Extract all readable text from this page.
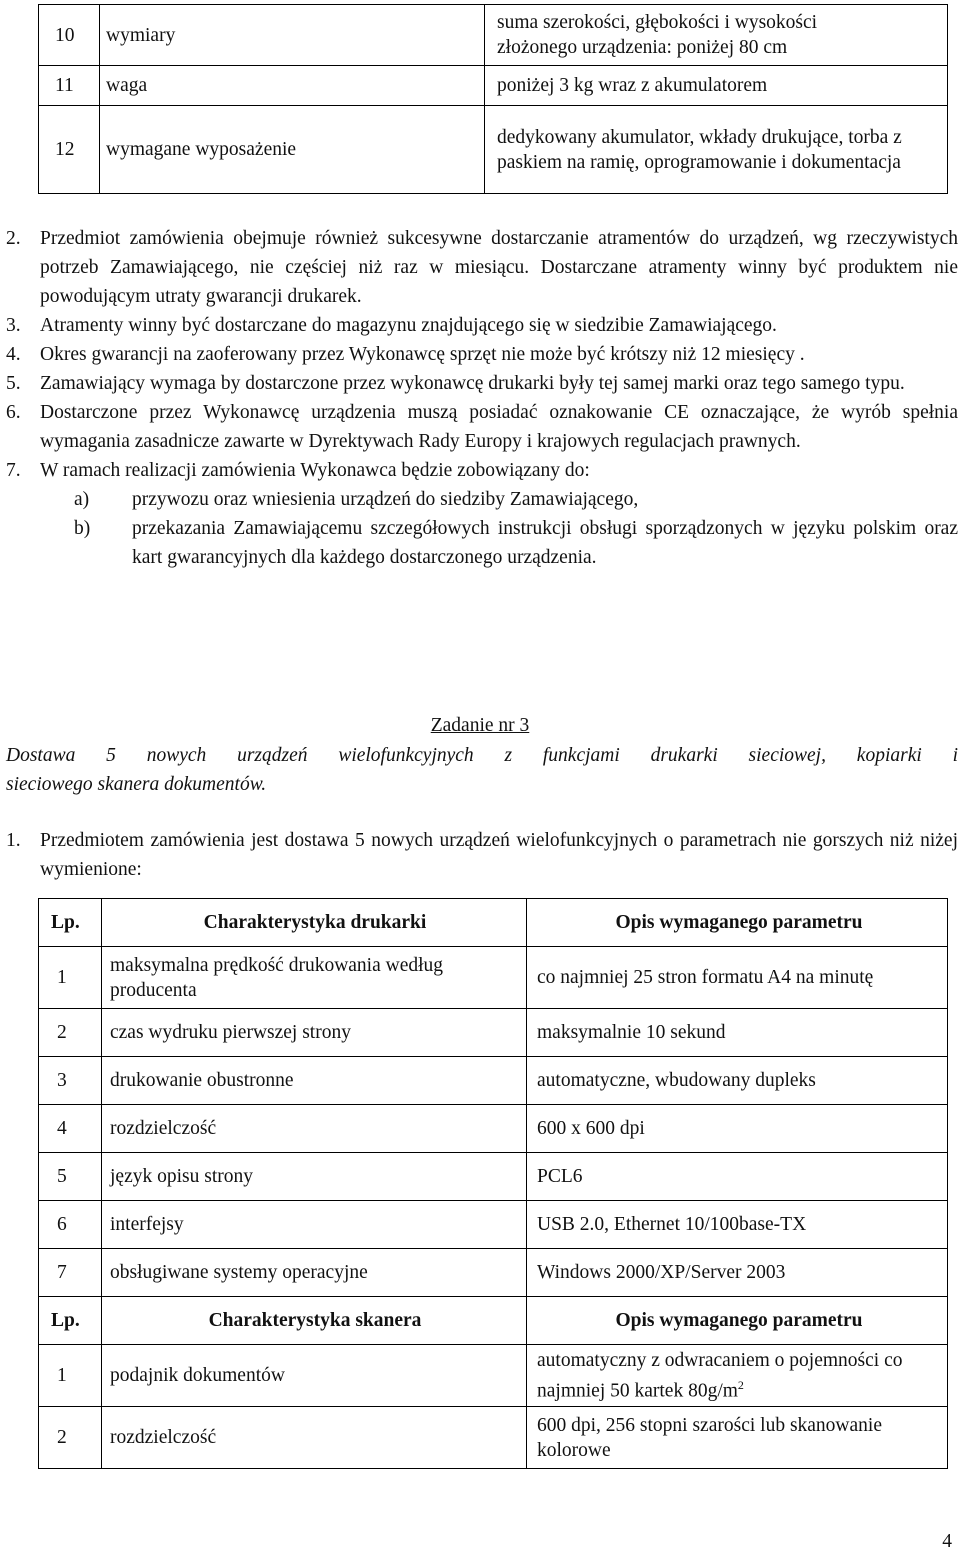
10	wymiary	suma szerokości, głębokości i wysokości złożonego urządzenia: poniżej 80 cm
11	waga	poniżej 3 kg wraz z akumulatorem
12	wymagane wyposażenie	dedykowany akumulator, wkłady drukujące, torba z paskiem na ramię, oprogramowanie i dokumentacja
2. Przedmiot zamówienia obejmuje również sukcesywne dostarczanie atramentów do urządzeń, wg rzeczywistych potrzeb Zamawiającego, nie częściej niż raz w miesiącu. Dostarczane atramenty winny być produktem nie powodującym utraty gwarancji drukarek.
3. Atramenty winny być dostarczane do magazynu znajdującego się w siedzibie Zamawiającego.
4. Okres gwarancji na zaoferowany przez Wykonawcę sprzęt nie może być krótszy niż 12 miesięcy .
5. Zamawiający wymaga by dostarczone przez wykonawcę drukarki były tej samej marki oraz tego samego typu.
6. Dostarczone przez Wykonawcę urządzenia muszą posiadać oznakowanie CE oznaczające, że wyrób spełnia wymagania zasadnicze zawarte w Dyrektywach Rady Europy i krajowych regulacjach prawnych.
7. W ramach realizacji zamówienia Wykonawca będzie zobowiązany do:
a) przywozu oraz wniesienia urządzeń do siedziby Zamawiającego,
b) przekazania Zamawiającemu szczegółowych instrukcji obsługi sporządzonych w języku polskim oraz kart gwarancyjnych dla każdego dostarczonego urządzenia.
Zadanie nr 3
Dostawa 5 nowych urządzeń wielofunkcyjnych z funkcjami drukarki sieciowej, kopiarki i
sieciowego skanera dokumentów.
1. Przedmiotem zamówienia jest dostawa 5 nowych urządzeń wielofunkcyjnych o parametrach nie gorszych niż niżej wymienione:
Lp.	Charakterystyka drukarki	Opis wymaganego parametru
1	maksymalna prędkość drukowania według producenta	co najmniej 25 stron formatu A4 na minutę
2	czas wydruku pierwszej strony	maksymalnie 10 sekund
3	drukowanie obustronne	automatyczne, wbudowany dupleks
4	rozdzielczość	600 x 600 dpi
5	język opisu strony	PCL6
6	interfejsy	USB 2.0, Ethernet 10/100base-TX
7	obsługiwane systemy operacyjne	Windows 2000/XP/Server 2003
Lp.	Charakterystyka skanera	Opis wymaganego parametru
1	podajnik dokumentów	automatyczny z odwracaniem o pojemności co najmniej 50 kartek $80g/m^2$
2	rozdzielczość	600 dpi, 256 stopni szarości lub skanowanie kolorowe
4
